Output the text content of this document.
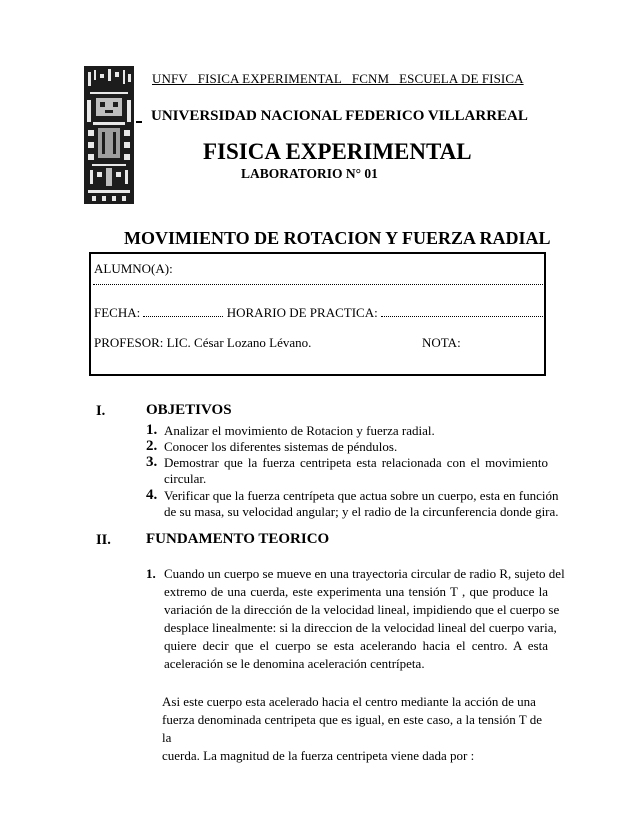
UNFV_ FISICA EXPERIMENTAL_ FCNM_ ESCUELA DE FISICA
UNIVERSIDAD NACIONAL FEDERICO VILLARREAL
FISICA EXPERIMENTAL
LABORATORIO N° 01
MOVIMIENTO DE ROTACION Y FUERZA RADIAL
ALUMNO(A):
FECHA:	HORARIO DE PRACTICA:
PROFESOR: LIC. César Lozano Lévano.	NOTA:
I.	OBJETIVOS
1. Analizar el movimiento de Rotacion y fuerza radial.
2. Conocer los diferentes sistemas de péndulos.
3. Demostrar que la fuerza centripeta esta relacionada con el movimiento
circular.
4. Verificar que la fuerza centrípeta que actua sobre un cuerpo, esta en función
de su masa, su velocidad angular; y el radio de la circunferencia donde gira.
II. FUNDAMENTO TEORICO
1. Cuando un cuerpo se mueve en una trayectoria circular de radio R, sujeto del
extremo de una cuerda, este experimenta una tensión T , que produce la
variación de la dirección de la velocidad lineal, impidiendo que el cuerpo se
desplace linealmente: si la direccion de la velocidad lineal del cuerpo varia,
quiere decir que el cuerpo se esta acelerando hacia el centro. A esta
aceleración se le denomina aceleración centrípeta.
Asi este cuerpo esta acelerado hacia el centro mediante la acción de una
fuerza denominada centripeta que es igual, en este caso, a la tensión T de la
cuerda. La magnitud de la fuerza centripeta viene dada por :
